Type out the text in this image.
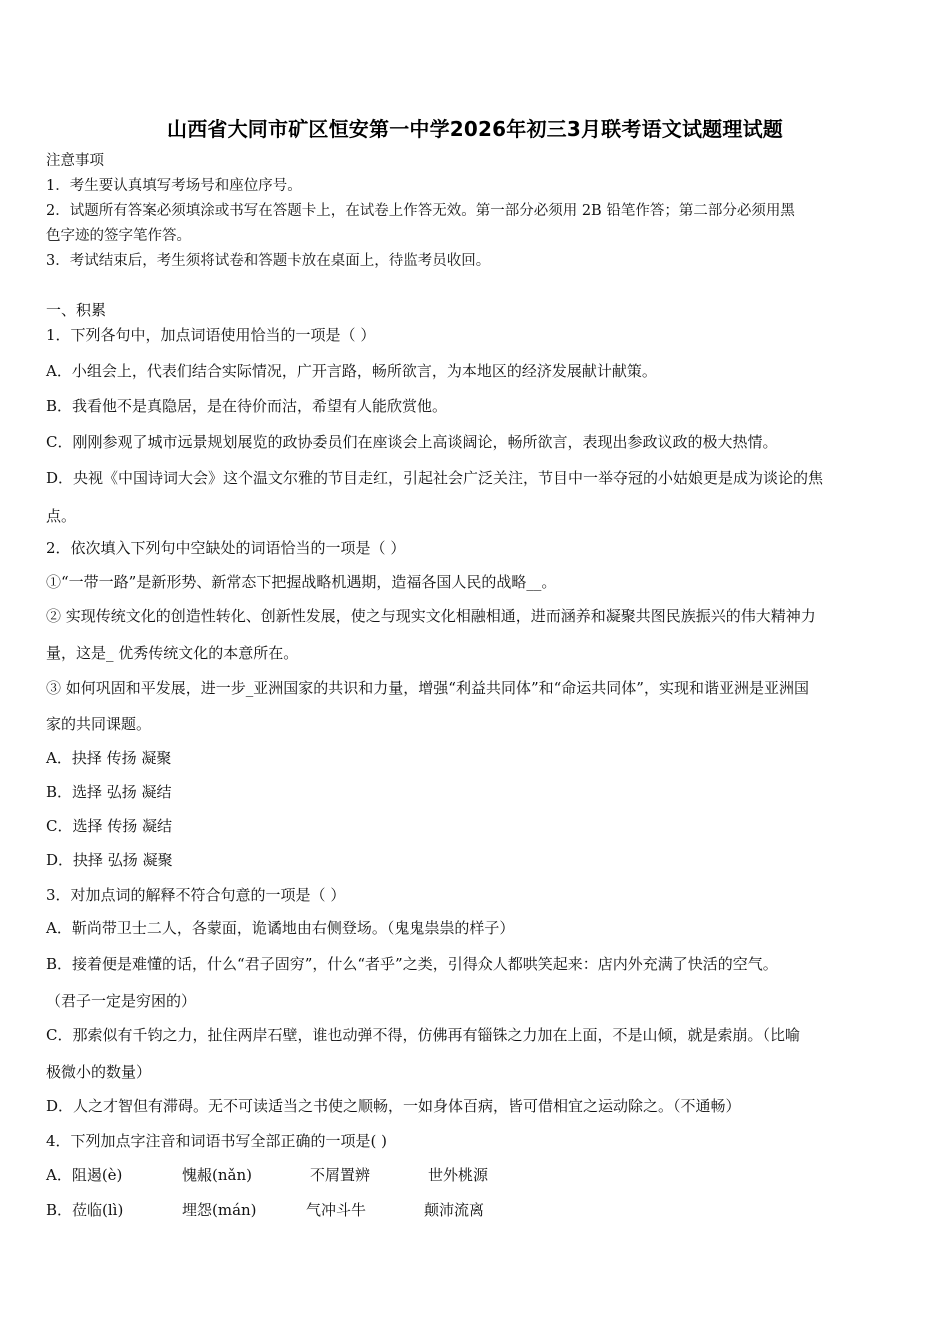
山西省大同市矿区恒安第一中学2026年初三3月联考语文试题理试题
注意事项
1．考生要认真填写考场号和座位序号。
2．试题所有答案必须填涂或书写在答题卡上，在试卷上作答无效。第一部分必须用 2B 铅笔作答；第二部分必须用黑
色字迹的签字笔作答。
3．考试结束后，考生须将试卷和答题卡放在桌面上，待监考员收回。
一、积累
1．下列各句中，加点词语使用恰当的一项是（ ）
A．小组会上，代表们结合实际情况，广开言路，畅所欲言，为本地区的经济发展献计献策。
B．我看他不是真隐居，是在待价而沽，希望有人能欣赏他。
C．刚刚参观了城市远景规划展览的政协委员们在座谈会上高谈阔论，畅所欲言，表现出参政议政的极大热情。
D．央视《中国诗词大会》这个温文尔雅的节目走红，引起社会广泛关注，节目中一举夺冠的小姑娘更是成为谈论的焦
点。
2．依次填入下列句中空缺处的词语恰当的一项是（ ）
①“一带一路”是新形势、新常态下把握战略机遇期，造福各国人民的战略__。
② 实现传统文化的创造性转化、创新性发展，使之与现实文化相融相通，进而涵养和凝聚共图民族振兴的伟大精神力
量，这是_ 优秀传统文化的本意所在。
③ 如何巩固和平发展，进一步_亚洲国家的共识和力量，增强“利益共同体”和“命运共同体”，实现和谐亚洲是亚洲国
家的共同课题。
A．抉择 传扬 凝聚
B．选择 弘扬 凝结
C．选择 传扬 凝结
D．抉择 弘扬 凝聚
3．对加点词的解释不符合句意的一项是（ ）
A．靳尚带卫士二人，各蒙面，诡谲地由右侧登场。（鬼鬼祟祟的样子）
B．接着便是难懂的话，什么“君子固穷”，什么“者乎”之类，引得众人都哄笑起来：店内外充满了快活的空气。
（君子一定是穷困的）
C．那索似有千钧之力，扯住两岸石壁，谁也动弹不得，仿佛再有锱铢之力加在上面，不是山倾，就是索崩。（比喻
极微小的数量）
D．人之才智但有滞碍。无不可读适当之书使之顺畅，一如身体百病，皆可借相宜之运动除之。（不通畅）
4．下列加点字注音和词语书写全部正确的一项是( )
A．阻遏(è)	愧赧(nǎn)	不屑置辨	世外桃源
B．莅临(lì)	埋怨(mán)	气冲斗牛	颠沛流离
